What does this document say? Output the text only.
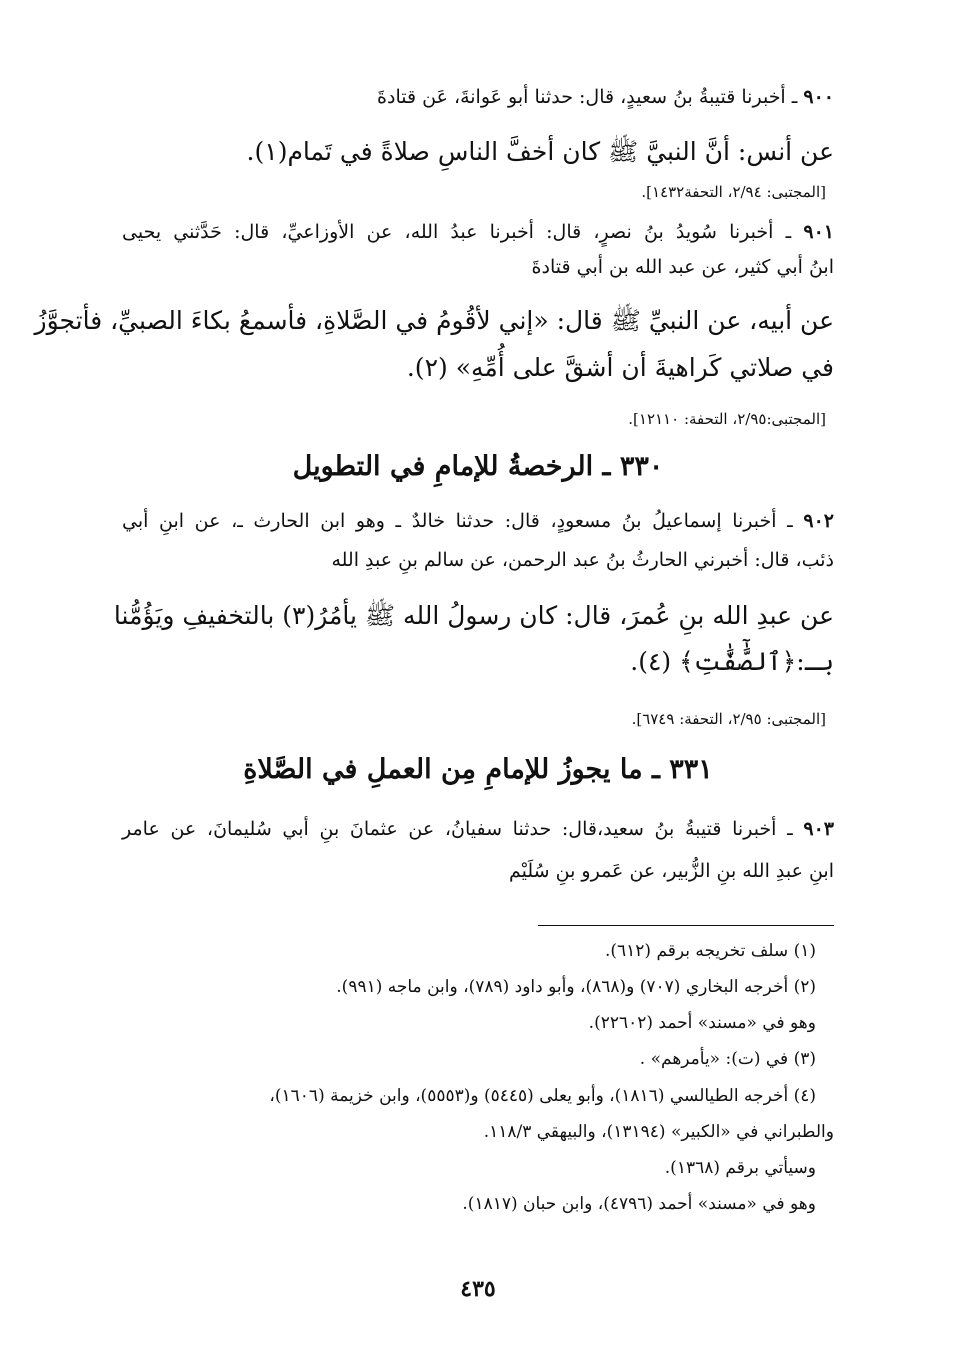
٩٠٠ ـ أخبرنا قتيبةُ بنُ سعيدٍ، قال: حدثنا أبو عَوانةَ، عَن قتادةَ
عن أنس: أنَّ النبيَّ ﷺ كان أخفَّ الناسِ صلاةً في تَمام(١).
[المجتبى: ٢/٩٤، التحفة١٤٣٢].
٩٠١ ـ أخبرنا سُويدُ بنُ نصرٍ، قال: أخبرنا عبدُ الله، عن الأوزاعيِّ، قال: حَدَّثني يحيى
ابنُ أبي كثير، عن عبد الله بن أبي قتادةَ
عن أبيه، عن النبيِّ ﷺ قال: «إني لأقُومُ في الصَّلاةِ، فأسمعُ بكاءَ الصبيِّ، فأتجوَّزُ
في صلاتي كَراهيةَ أن أشقَّ على أُمِّهِ» (٢).
[المجتبى:٢/٩٥، التحفة: ١٢١١٠].
٣٣٠ ـ الرخصةُ للإمامِ في التطويل
٩٠٢ ـ أخبرنا إسماعيلُ بنُ مسعودٍ، قال: حدثنا خالدٌ ـ وهو ابن الحارث ـ، عن ابنِ أبي
ذئب، قال: أخبرني الحارثُ بنُ عبد الرحمن، عن سالم بنِ عبدِ الله
عن عبدِ الله بنِ عُمرَ، قال: كان رسولُ الله ﷺ يأمُرُ(٣) بالتخفيفِ ويَؤُمُّنا
بـ:﴿ٱلصَّٰٓفَّٰتِ﴾ (٤).
[المجتبى: ٢/٩٥، التحفة: ٦٧٤٩].
٣٣١ ـ ما يجوزُ للإمامِ مِن العملِ في الصَّلاةِ
٩٠٣ ـ أخبرنا قتيبةُ بنُ سعيد،قال: حدثنا سفيانُ، عن عثمانَ بنِ أبي سُليمانَ، عن عامر
ابنِ عبدِ الله بنِ الزُّبير، عن عَمرو بنِ سُلَيْم
(١) سلف تخريجه برقم (٦١٢).
(٢) أخرجه البخاري (٧٠٧) و(٨٦٨)، وأبو داود (٧٨٩)، وابن ماجه (٩٩١).
وهو في «مسند» أحمد (٢٢٦٠٢).
(٣) في (ت): «يأمرهم» .
(٤) أخرجه الطيالسي (١٨١٦)، وأبو يعلى (٥٤٤٥) و(٥٥٥٣)، وابن خزيمة (١٦٠٦)،
والطبراني في «الكبير» (١٣١٩٤)، والبيهقي ١١٨/٣.
وسيأتي برقم (١٣٦٨).
وهو في «مسند» أحمد (٤٧٩٦)، وابن حبان (١٨١٧).
٤٣٥
